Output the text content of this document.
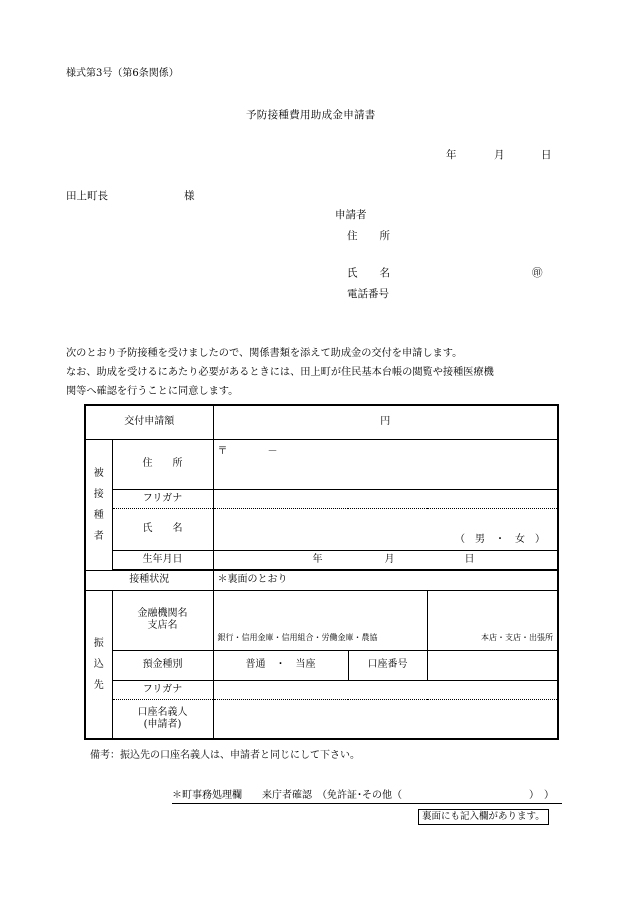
様式第3号（第6条関係）
予防接種費用助成金申請書
年	月	日
田上町長	様
申請者
住 所
氏 名	㊞
電話番号
次のとおり予防接種を受けましたので、関係書類を添えて助成金の交付を申請します。
なお、助成を受けるにあたり必要があるときには、田上町が住民基本台帳の閲覧や接種医療機
関等へ確認を行うことに同意します。
交付申請額		円		
被
接
種
者	住　　所	〒 －		
	フリガナ			
	氏　　名	（　男　・　女　）		
	生年月日	年 月 日		

接種状況		＊裏面のとおり		
振
込
先	金融機関名
支店名	銀行・信用金庫・信用組合・労働金庫・農協		本店・支店・出張所
	預金種別	普通　・　当座	口座番号	
	フリガナ			
	口座名義人
(申請者)			
備考：振込先の口座名義人は、申請者と同じにして下さい。
＊町事務処理欄　　来庁者確認　（免許証･その他（	）　）
裏面にも記入欄があります。
